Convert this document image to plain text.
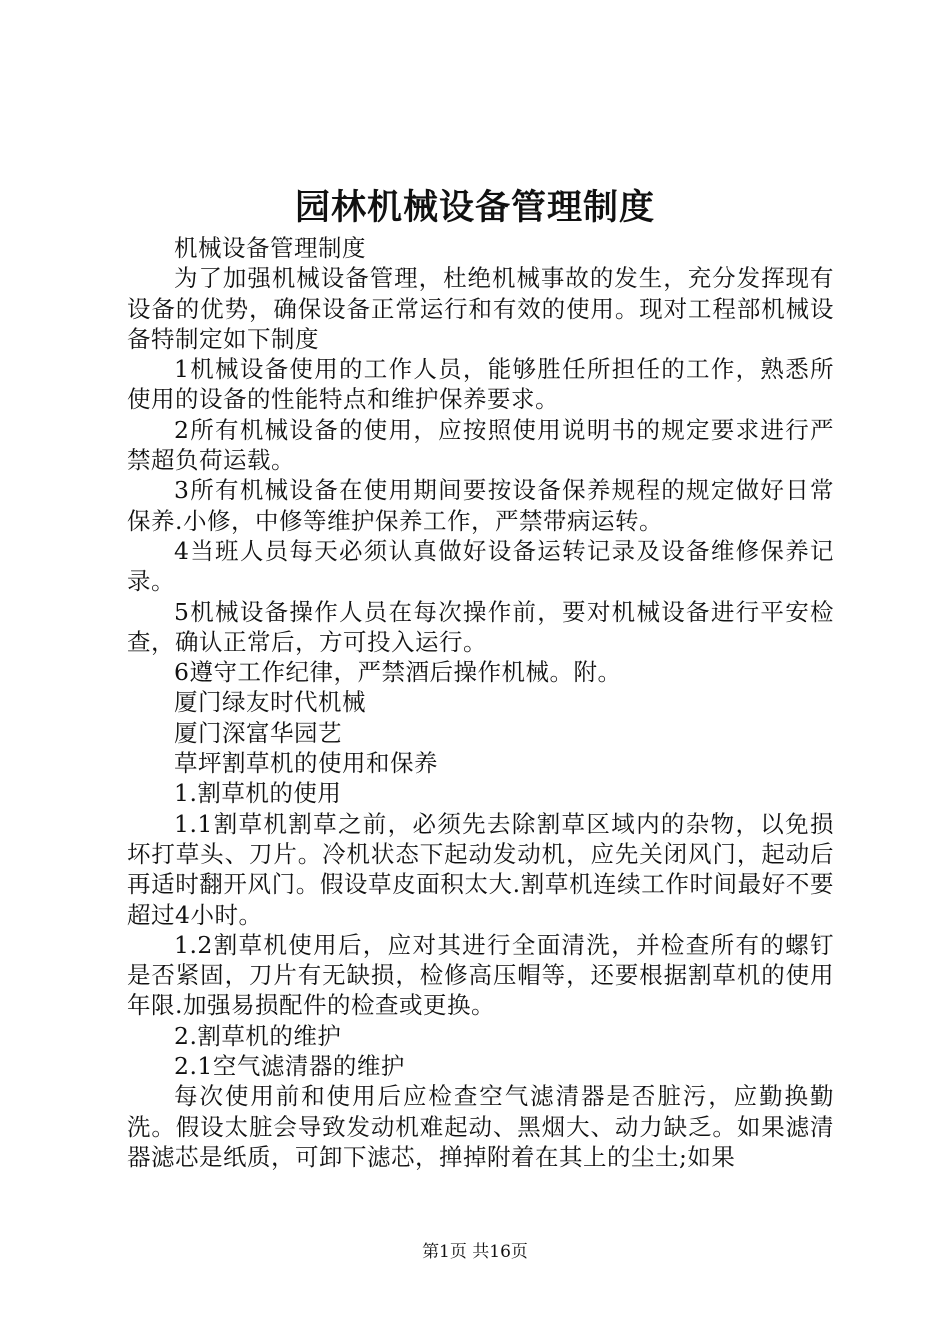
园林机械设备管理制度

机械设备管理制度

为了加强机械设备管理，杜绝机械事故的发生，充分发挥现有设备的优势，确保设备正常运行和有效的使用。现对工程部机械设备特制定如下制度

1机械设备使用的工作人员，能够胜任所担任的工作，熟悉所使用的设备的性能特点和维护保养要求。

2所有机械设备的使用，应按照使用说明书的规定要求进行严禁超负荷运载。

3所有机械设备在使用期间要按设备保养规程的规定做好日常保养.小修，中修等维护保养工作，严禁带病运转。

4当班人员每天必须认真做好设备运转记录及设备维修保养记录。

5机械设备操作人员在每次操作前，要对机械设备进行平安检查，确认正常后，方可投入运行。

6遵守工作纪律，严禁酒后操作机械。附。

厦门绿友时代机械

厦门深富华园艺

草坪割草机的使用和保养

1.割草机的使用

1.1割草机割草之前，必须先去除割草区域内的杂物，以免损坏打草头、刀片。冷机状态下起动发动机，应先关闭风门，起动后再适时翻开风门。假设草皮面积太大.割草机连续工作时间最好不要超过4小时。

1.2割草机使用后，应对其进行全面清洗，并检查所有的螺钉是否紧固，刀片有无缺损，检修高压帽等，还要根据割草机的使用年限.加强易损配件的检查或更换。

2.割草机的维护

2.1空气滤清器的维护

每次使用前和使用后应检查空气滤清器是否脏污，应勤换勤洗。假设太脏会导致发动机难起动、黑烟大、动力缺乏。如果滤清器滤芯是纸质，可卸下滤芯，掸掉附着在其上的尘土;如果

第1页 共16页
